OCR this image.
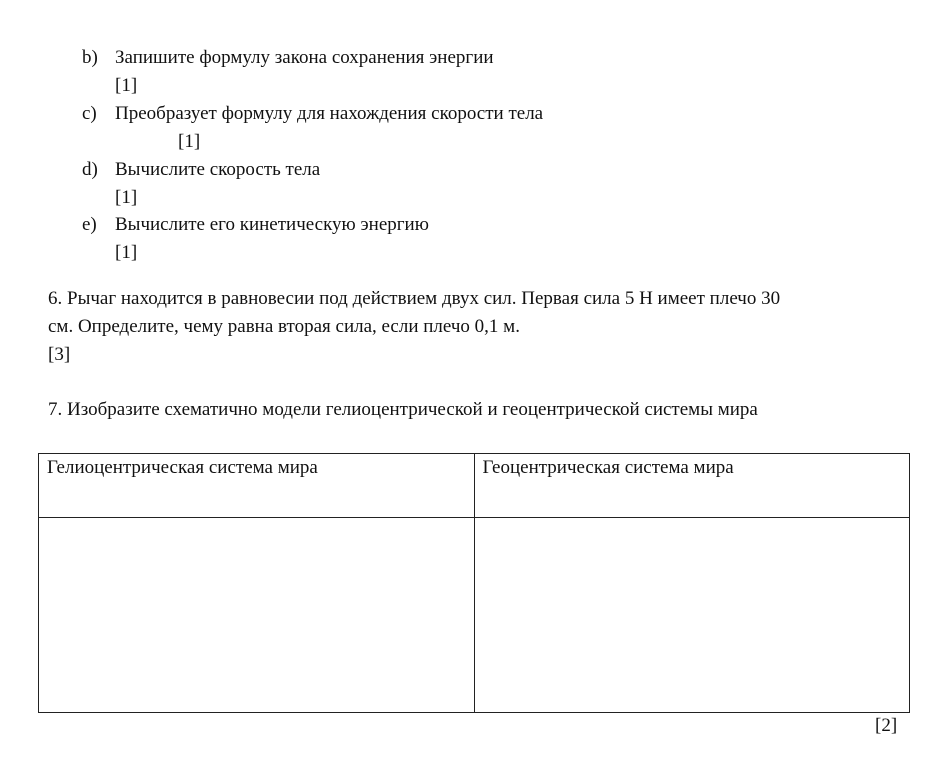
b) Запишите формулу закона сохранения энергии
[1]
c) Преобразует формулу для нахождения скорости тела
[1]
d) Вычислите скорость тела
[1]
e) Вычислите его кинетическую энергию
[1]
6. Рычаг находится в равновесии под действием двух сил. Первая сила 5 Н имеет плечо 30
см. Определите, чему равна вторая сила, если плечо 0,1 м.
[3]
7. Изобразите схематично модели гелиоцентрической и геоцентрической системы мира
Гелиоцентрическая система мира	Геоцентрическая система мира

[2]
